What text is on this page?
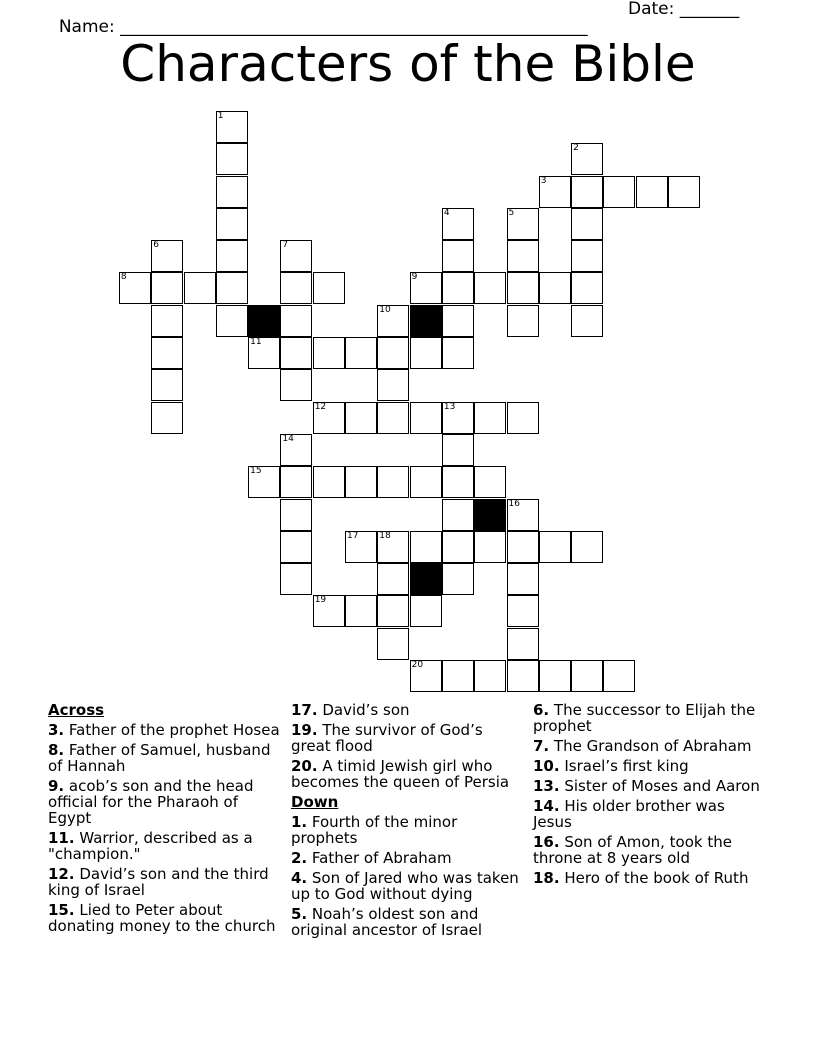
Name: _______________________________________________________

Date: _______

Characters of the Bible
1
2
3
4	5
6	7
8	9
10
11
12	13
14
15
16
17 18
19
20
Across
3. Father of the prophet Hosea
8. Father of Samuel, husband of Hannah
9. acob’s son and the head official for the Pharaoh of Egypt
11. Warrior, described as a "champion."
12. David’s son and the third king of Israel
15. Lied to Peter about donating money to the church
17. David’s son
19. The survivor of God’s great flood
20. A timid Jewish girl who becomes the queen of Persia
Down
1. Fourth of the minor prophets
2. Father of Abraham
4. Son of Jared who was taken up to God without dying
5. Noah’s oldest son and original ancestor of Israel
6. The successor to Elijah the prophet
7. The Grandson of Abraham
10. Israel’s first king
13. Sister of Moses and Aaron
14. His older brother was Jesus
16. Son of Amon, took the throne at 8 years old
18. Hero of the book of Ruth
